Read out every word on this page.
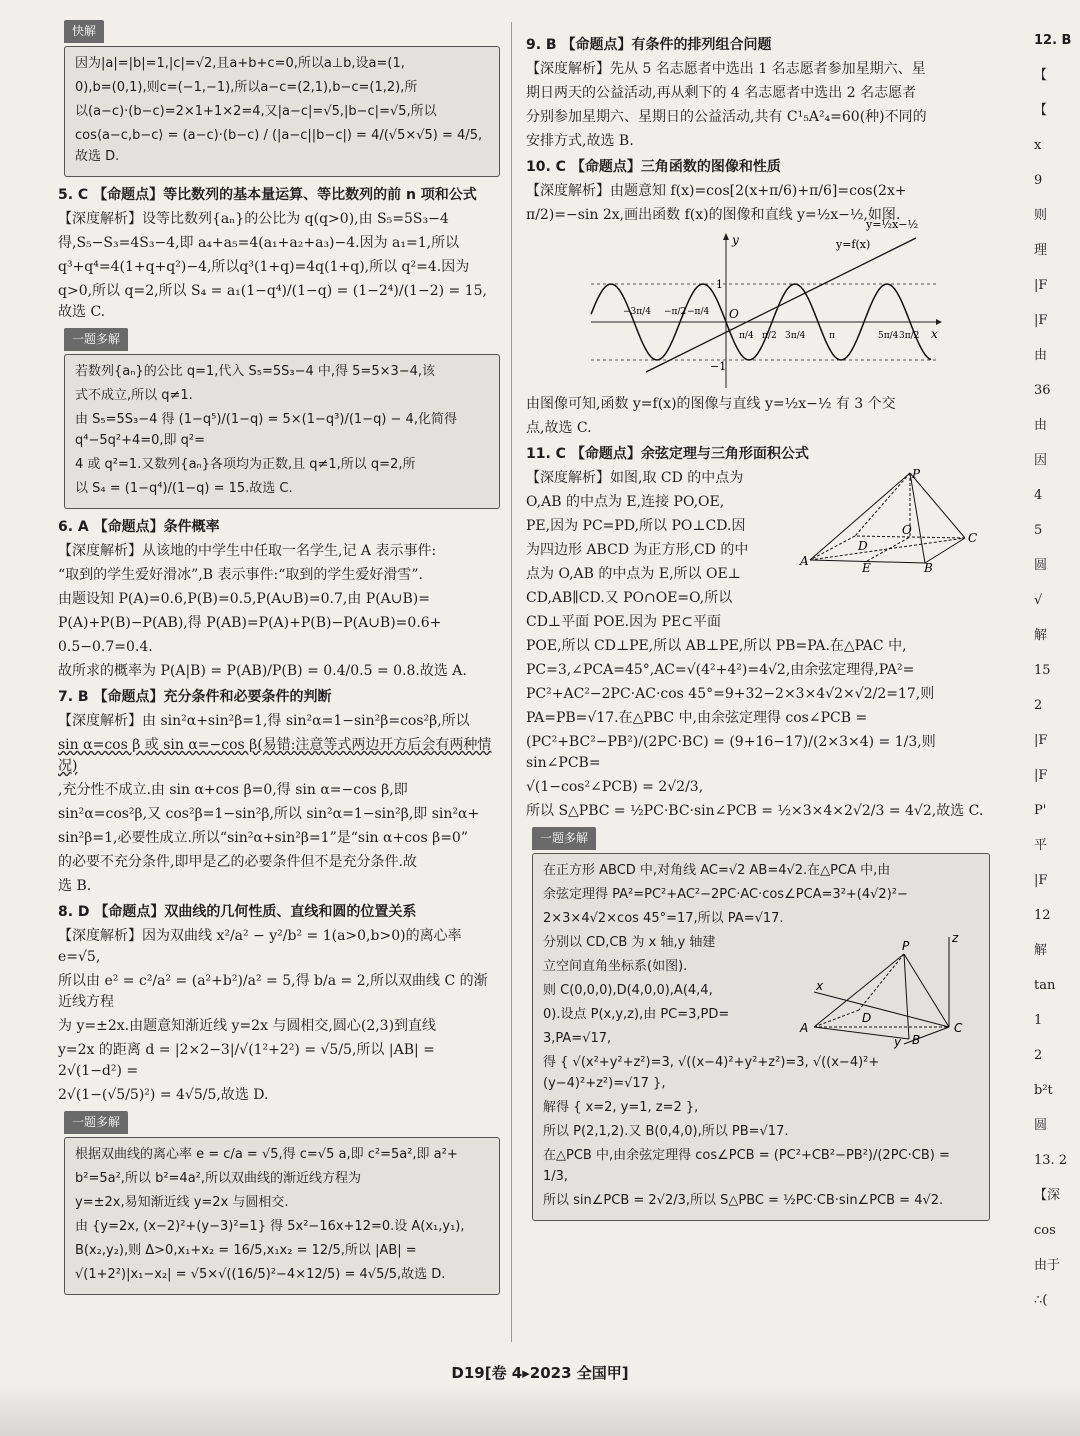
快解

因为|a|=|b|=1,|c|=√2,且a+b+c=0,所以a⊥b,设a=(1,

0),b=(0,1),则c=(−1,−1),所以a−c=(2,1),b−c=(1,2),所

以(a−c)·(b−c)=2×1+1×2=4,又|a−c|=√5,|b−c|=√5,所以

cos⟨a−c,b−c⟩ = (a−c)·(b−c) / (|a−c||b−c|) = 4/(√5×√5) = 4/5,故选 D.

5. C 【命题点】等比数列的基本量运算、等比数列的前 n 项和公式

【深度解析】设等比数列{aₙ}的公比为 q(q>0),由 S₅=5S₃−4

得,S₅−S₃=4S₃−4,即 a₄+a₅=4(a₁+a₂+a₃)−4.因为 a₁=1,所以

q³+q⁴=4(1+q+q²)−4,所以q³(1+q)=4q(1+q),所以 q²=4.因为

q>0,所以 q=2,所以 S₄ = a₁(1−q⁴)/(1−q) = (1−2⁴)/(1−2) = 15,故选 C.

一题多解

若数列{aₙ}的公比 q=1,代入 S₅=5S₃−4 中,得 5=5×3−4,该

式不成立,所以 q≠1.

由 S₅=5S₃−4 得 (1−q⁵)/(1−q) = 5×(1−q³)/(1−q) − 4,化简得 q⁴−5q²+4=0,即 q²=

4 或 q²=1.又数列{aₙ}各项均为正数,且 q≠1,所以 q=2,所

以 S₄ = (1−q⁴)/(1−q) = 15.故选 C.

6. A 【命题点】条件概率

【深度解析】从该地的中学生中任取一名学生,记 A 表示事件:

“取到的学生爱好滑冰”,B 表示事件:“取到的学生爱好滑雪”.

由题设知 P(A)=0.6,P(B)=0.5,P(A∪B)=0.7,由 P(A∪B)=

P(A)+P(B)−P(AB),得 P(AB)=P(A)+P(B)−P(A∪B)=0.6+

0.5−0.7=0.4.

故所求的概率为 P(A|B) = P(AB)/P(B) = 0.4/0.5 = 0.8.故选 A.

7. B 【命题点】充分条件和必要条件的判断

【深度解析】由 sin²α+sin²β=1,得 sin²α=1−sin²β=cos²β,所以

sin α=cos β 或 sin α=−cos β(易错:注意等式两边开方后会有两种情况)

,充分性不成立.由 sin α+cos β=0,得 sin α=−cos β,即

sin²α=cos²β,又 cos²β=1−sin²β,所以 sin²α=1−sin²β,即 sin²α+

sin²β=1,必要性成立.所以“sin²α+sin²β=1”是“sin α+cos β=0”

的必要不充分条件,即甲是乙的必要条件但不是充分条件.故

选 B.

8. D 【命题点】双曲线的几何性质、直线和圆的位置关系

【深度解析】因为双曲线 x²/a² − y²/b² = 1(a>0,b>0)的离心率 e=√5,

所以由 e² = c²/a² = (a²+b²)/a² = 5,得 b/a = 2,所以双曲线 C 的渐近线方程

为 y=±2x.由题意知渐近线 y=2x 与圆相交,圆心(2,3)到直线

y=2x 的距离 d = |2×2−3|/√(1²+2²) = √5/5,所以 |AB| = 2√(1−d²) =

2√(1−(√5/5)²) = 4√5/5,故选 D.

一题多解

根据双曲线的离心率 e = c/a = √5,得 c=√5 a,即 c²=5a²,即 a²+

b²=5a²,所以 b²=4a²,所以双曲线的渐近线方程为

y=±2x,易知渐近线 y=2x 与圆相交.

由 {y=2x, (x−2)²+(y−3)²=1} 得 5x²−16x+12=0.设 A(x₁,y₁),

B(x₂,y₂),则 Δ>0,x₁+x₂ = 16/5,x₁x₂ = 12/5,所以 |AB| =

√(1+2²)|x₁−x₂| = √5×√((16/5)²−4×12/5) = 4√5/5,故选 D.

9. B 【命题点】有条件的排列组合问题

【深度解析】先从 5 名志愿者中选出 1 名志愿者参加星期六、星

期日两天的公益活动,再从剩下的 4 名志愿者中选出 2 名志愿者

分别参加星期六、星期日的公益活动,共有 C¹₅A²₄=60(种)不同的

安排方式,故选 B.

10. C 【命题点】三角函数的图像和性质

【深度解析】由题意知 f(x)=cos[2(x+π/6)+π/6]=cos(2x+

π/2)=−sin 2x,画出函数 f(x)的图像和直线 y=½x−½,如图.

y=f(x)
y=½x−½
x
y
O
1
−1
−3π/4 −π/2 −π/4
π/4 π/2 3π/4	π	5π/4 3π/2

由图像可知,函数 y=f(x)的图像与直线 y=½x−½ 有 3 个交

点,故选 C.

11. C 【命题点】余弦定理与三角形面积公式

P
D
O
C
A	E	B

【深度解析】如图,取 CD 的中点为

O,AB 的中点为 E,连接 PO,OE,

PE,因为 PC=PD,所以 PO⊥CD.因

为四边形 ABCD 为正方形,CD 的中

点为 O,AB 的中点为 E,所以 OE⊥

CD,AB∥CD.又 PO∩OE=O,所以

CD⊥平面 POE.因为 PE⊂平面

POE,所以 CD⊥PE,所以 AB⊥PE,所以 PB=PA.在△PAC 中,

PC=3,∠PCA=45°,AC=√(4²+4²)=4√2,由余弦定理得,PA²=

PC²+AC²−2PC·AC·cos 45°=9+32−2×3×4√2×√2/2=17,则

PA=PB=√17.在△PBC 中,由余弦定理得 cos∠PCB =

(PC²+BC²−PB²)/(2PC·BC) = (9+16−17)/(2×3×4) = 1/3,则 sin∠PCB=

√(1−cos²∠PCB) = 2√2/3,

所以 S△PBC = ½PC·BC·sin∠PCB = ½×3×4×2√2/3 = 4√2,故选 C.

一题多解

在正方形 ABCD 中,对角线 AC=√2 AB=4√2.在△PCA 中,由

余弦定理得 PA²=PC²+AC²−2PC·AC·cos∠PCA=3²+(4√2)²−

2×3×4√2×cos 45°=17,所以 PA=√17.

P
z
D
C
A
B
x
y

分别以 CD,CB 为 x 轴,y 轴建

立空间直角坐标系(如图).

则 C(0,0,0),D(4,0,0),A(4,4,

0).设点 P(x,y,z),由 PC=3,PD=

3,PA=√17,

得 { √(x²+y²+z²)=3, √((x−4)²+y²+z²)=3, √((x−4)²+(y−4)²+z²)=√17 },

解得 { x=2, y=1, z=2 },

所以 P(2,1,2).又 B(0,4,0),所以 PB=√17.

在△PCB 中,由余弦定理得 cos∠PCB = (PC²+CB²−PB²)/(2PC·CB) = 1/3,

所以 sin∠PCB = 2√2/3,所以 S△PBC = ½PC·CB·sin∠PCB = 4√2.

12. B

【

【

x

9

则

理

|F

|F

由

36

由

因

4

5

圆

√

解

15

2

|F

|F

P'

平

|F

12

解

tan

1

2

b²t

圆

13. 2

【深

cos

由于

∴(

D19[卷 4▸2023 全国甲]
